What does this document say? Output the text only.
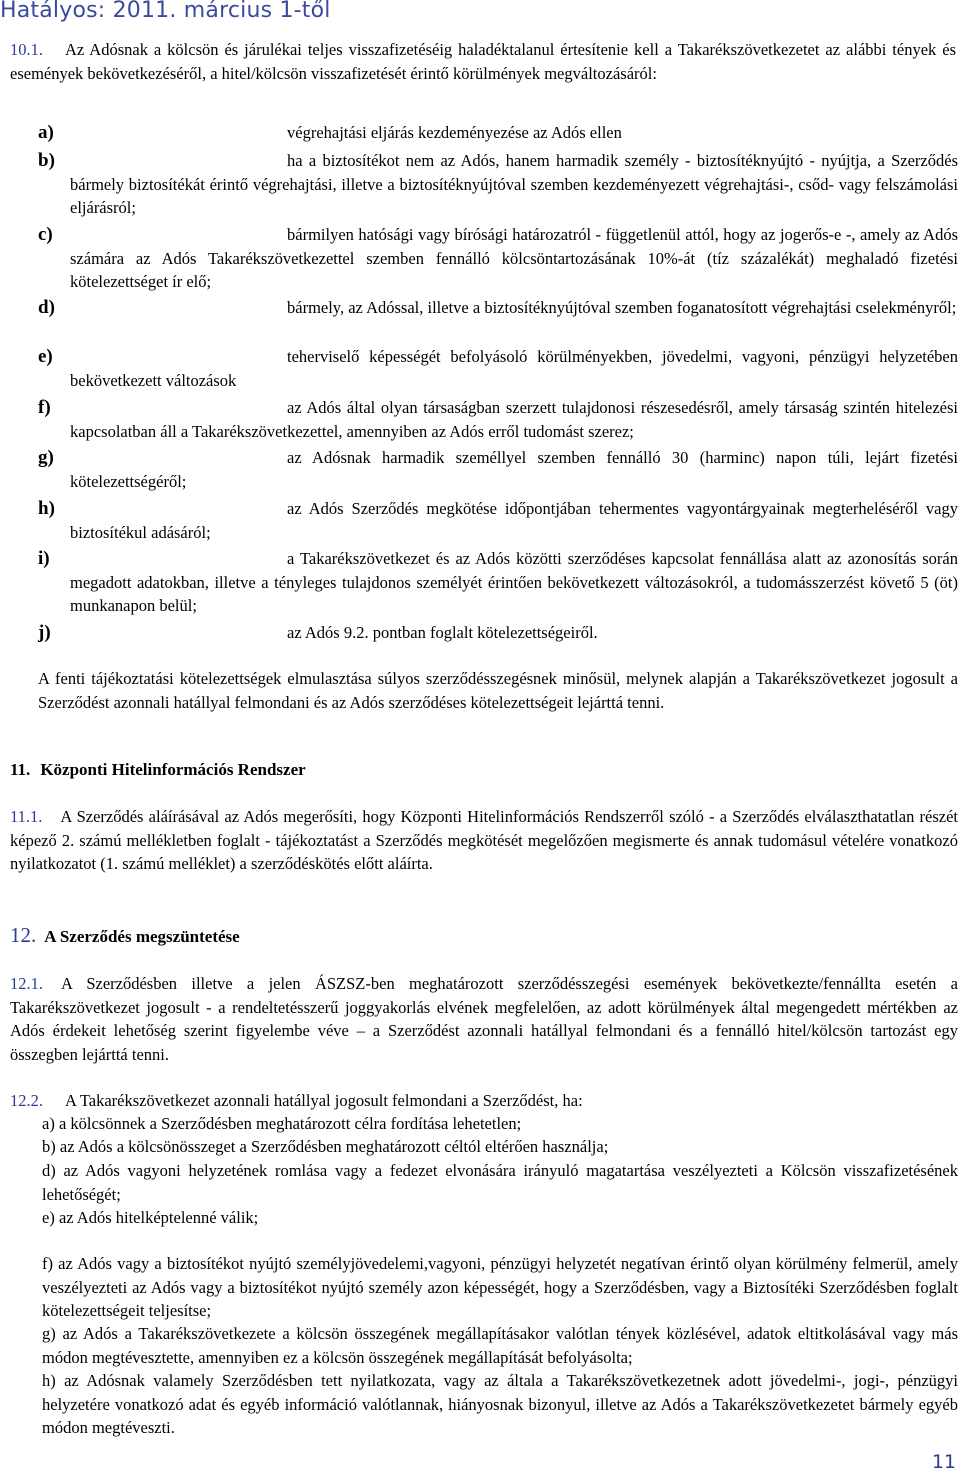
Hatályos: 2011. március 1-től
10.1. Az Adósnak a kölcsön és járulékai teljes visszafizetéséig haladéktalanul értesítenie kell a Takarékszövetkezetet az alábbi tények és események bekövetkezéséről, a hitel/kölcsön visszafizetését érintő körülmények megváltozásáról:
a)	végrehajtási eljárás kezdeményezése az Adós ellen
b)	ha a biztosítékot nem az Adós, hanem harmadik személy - biztosítéknyújtó - nyújtja, a Szerződés bármely biztosítékát érintő végrehajtási, illetve a biztosítéknyújtóval szemben kezdeményezett végrehajtási-, csőd- vagy felszámolási eljárásról;
c)	bármilyen hatósági vagy bírósági határozatról - függetlenül attól, hogy az jogerős-e -, amely az Adós számára az Adós Takarékszövetkezettel szemben fennálló kölcsöntartozásának 10%-át (tíz százalékát) meghaladó fizetési kötelezettséget ír elő;
d)	bármely, az Adóssal, illetve a biztosítéknyújtóval szemben foganatosított végrehajtási cselekményről;
e)	teherviselő képességét befolyásoló körülményekben, jövedelmi, vagyoni, pénzügyi helyzetében bekövetkezett változások
f)	az Adós által olyan társaságban szerzett tulajdonosi részesedésről, amely társaság szintén hitelezési kapcsolatban áll a Takarékszövetkezettel, amennyiben az Adós erről tudomást szerez;
g)	az Adósnak harmadik személlyel szemben fennálló 30 (harminc) napon túli, lejárt fizetési kötelezettségéről;
h)	az Adós Szerződés megkötése időpontjában tehermentes vagyontárgyainak megterheléséről vagy biztosítékul adásáról;
i)	a Takarékszövetkezet és az Adós közötti szerződéses kapcsolat fennállása alatt az azonosítás során megadott adatokban, illetve a tényleges tulajdonos személyét érintően bekövetkezett változásokról, a tudomásszerzést követő 5 (öt) munkanapon belül;
j)	az Adós 9.2. pontban foglalt kötelezettségeiről.
A fenti tájékoztatási kötelezettségek elmulasztása súlyos szerződésszegésnek minősül, melynek alapján a Takarékszövetkezet jogosult a Szerződést azonnali hatállyal felmondani és az Adós szerződéses kötelezettségeit lejárttá tenni.
11. Központi Hitelinformációs Rendszer
11.1. A Szerződés aláírásával az Adós megerősíti, hogy Központi Hitelinformációs Rendszerről szóló - a Szerződés elválaszthatatlan részét képező 2. számú mellékletben foglalt - tájékoztatást a Szerződés megkötését megelőzően megismerte és annak tudomásul vételére vonatkozó nyilatkozatot (1. számú melléklet) a szerződéskötés előtt aláírta.
12. A Szerződés megszüntetése
12.1. A Szerződésben illetve a jelen ÁSZSZ-ben meghatározott szerződésszegési események bekövetkezte/fennállta esetén a Takarékszövetkezet jogosult - a rendeltetésszerű joggyakorlás elvének megfelelően, az adott körülmények által megengedett mértékben az Adós érdekeit lehetőség szerint figyelembe véve – a Szerződést azonnali hatállyal felmondani és a fennálló hitel/kölcsön tartozást egy összegben lejárttá tenni.
12.2. A Takarékszövetkezet azonnali hatállyal jogosult felmondani a Szerződést, ha:
a) a kölcsönnek a Szerződésben meghatározott célra fordítása lehetetlen;
b) az Adós a kölcsönösszeget a Szerződésben meghatározott céltól eltérően használja;
d) az Adós vagyoni helyzetének romlása vagy a fedezet elvonására irányuló magatartása veszélyezteti a Kölcsön visszafizetésének lehetőségét;
e) az Adós hitelképtelenné válik;
f) az Adós vagy a biztosítékot nyújtó személyjövedelemi,vagyoni, pénzügyi helyzetét negatívan érintő olyan körülmény felmerül, amely veszélyezteti az Adós vagy a biztosítékot nyújtó személy azon képességét, hogy a Szerződésben, vagy a Biztosítéki Szerződésben foglalt kötelezettségeit teljesítse;
g) az Adós a Takarékszövetkezete a kölcsön összegének megállapításakor valótlan tények közlésével, adatok eltitkolásával vagy más módon megtévesztette, amennyiben ez a kölcsön összegének megállapítását befolyásolta;
h) az Adósnak valamely Szerződésben tett nyilatkozata, vagy az általa a Takarékszövetkezetnek adott jövedelmi-, jogi-, pénzügyi helyzetére vonatkozó adat és egyéb információ valótlannak, hiányosnak bizonyul, illetve az Adós a Takarékszövetkezetet bármely egyéb módon megtéveszti.
11
